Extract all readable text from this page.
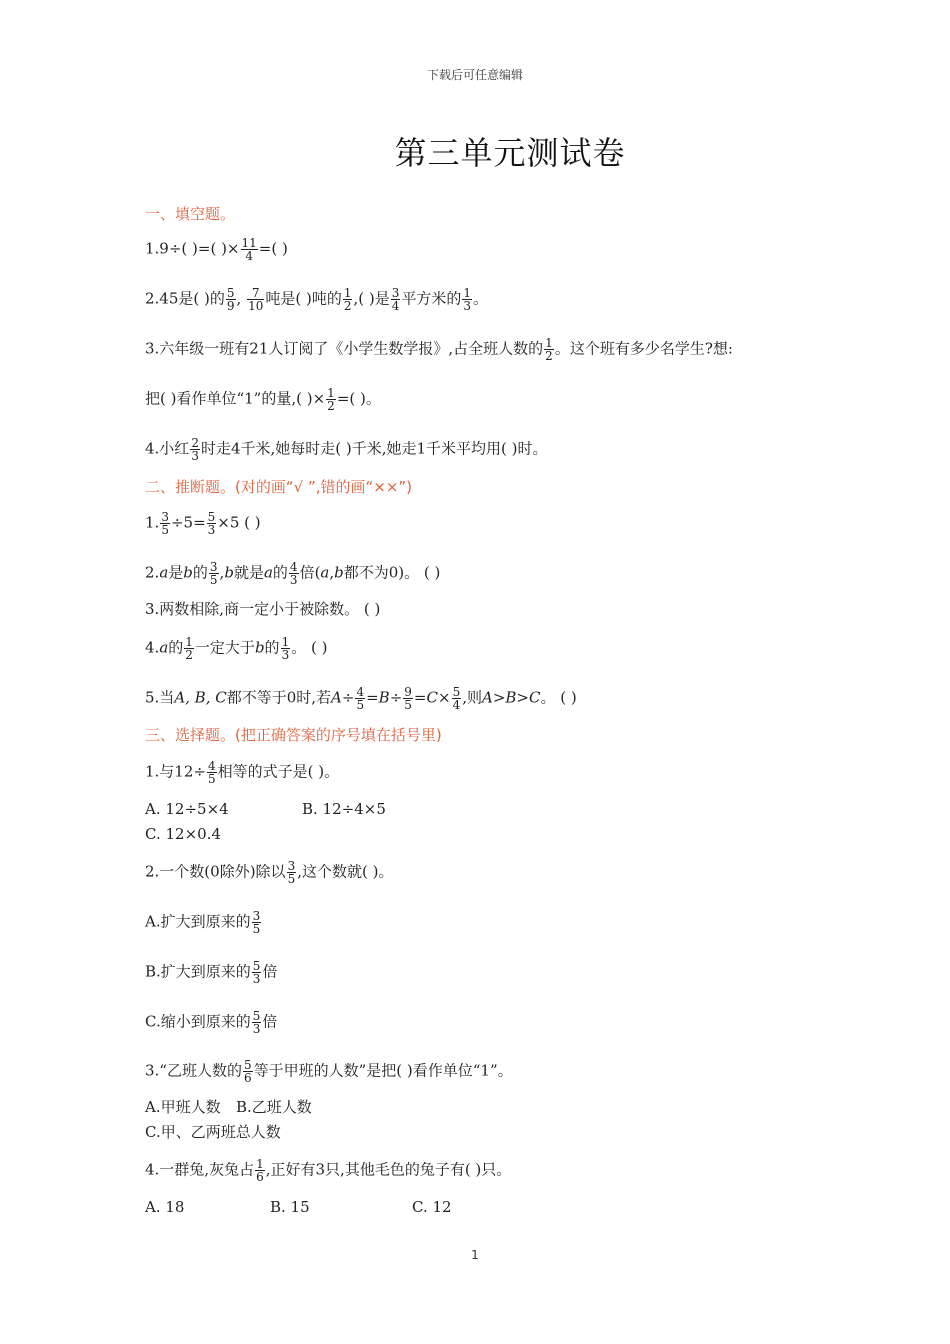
下载后可任意编辑
第三单元测试卷
一、填空题。
1.9÷( )=( )× $\frac{11}{4}$ =( )
2.45是( )的 $\frac{5}{9}$ , $\frac{7}{10}$ 吨是( )吨的 $\frac{1}{2}$ ,( )是 $\frac{3}{4}$ 平方米的 $\frac{1}{3}$ 。
3.六年级一班有21人订阅了《小学生数学报》,占全班人数的 $\frac{1}{2}$ 。这个班有多少名学生?想:
把( )看作单位“1”的量,( )× $\frac{1}{2}$ =( )。
4.小红 $\frac{2}{3}$ 时走4千米,她每时走( )千米,她走1千米平均用( )时。
二、推断题。(对的画“√ ”,错的画“××”)
1. $\frac{3}{5} \div 5= \frac{5}{3} \times 5$ ( )
2.a是b的 $\frac{3}{5} ,b$就是a的 $\frac{4}{3}$ 倍(a,b都不为0)。 ( )
3.两数相除,商一定小于被除数。 ( )
4.a的 $\frac{1}{2}$ 一定大于b的 $\frac{1}{3}$ 。 ( )
5.当A, B, C都不等于0时,若$A\div \frac{4}{5} =B\div \frac{9}{5} =C\times \frac{5}{4}$ ,则A>B>C。 ( )
三、选择题。(把正确答案的序号填在括号里)
1.与$12\div \frac{4}{5}$ 相等的式子是( )。
A. 12÷5×4	B. 12÷4×5
C. 12×0.4
2.一个数(0除外)除以 $\frac{3}{5}$ ,这个数就( )。
A.扩大到原来的 $\frac{3}{5}$
B.扩大到原来的 $\frac{5}{3}$ 倍
C.缩小到原来的 $\frac{5}{3}$ 倍
3.“乙班人数的 $\frac{5}{6}$ 等于甲班的人数”是把( )看作单位“1”。
A.甲班人数 B.乙班人数
C.甲、乙两班总人数
4.一群兔,灰兔占 $\frac{1}{6}$ ,正好有3只,其他毛色的兔子有( )只。
A. 18	B. 15	C. 12
1
